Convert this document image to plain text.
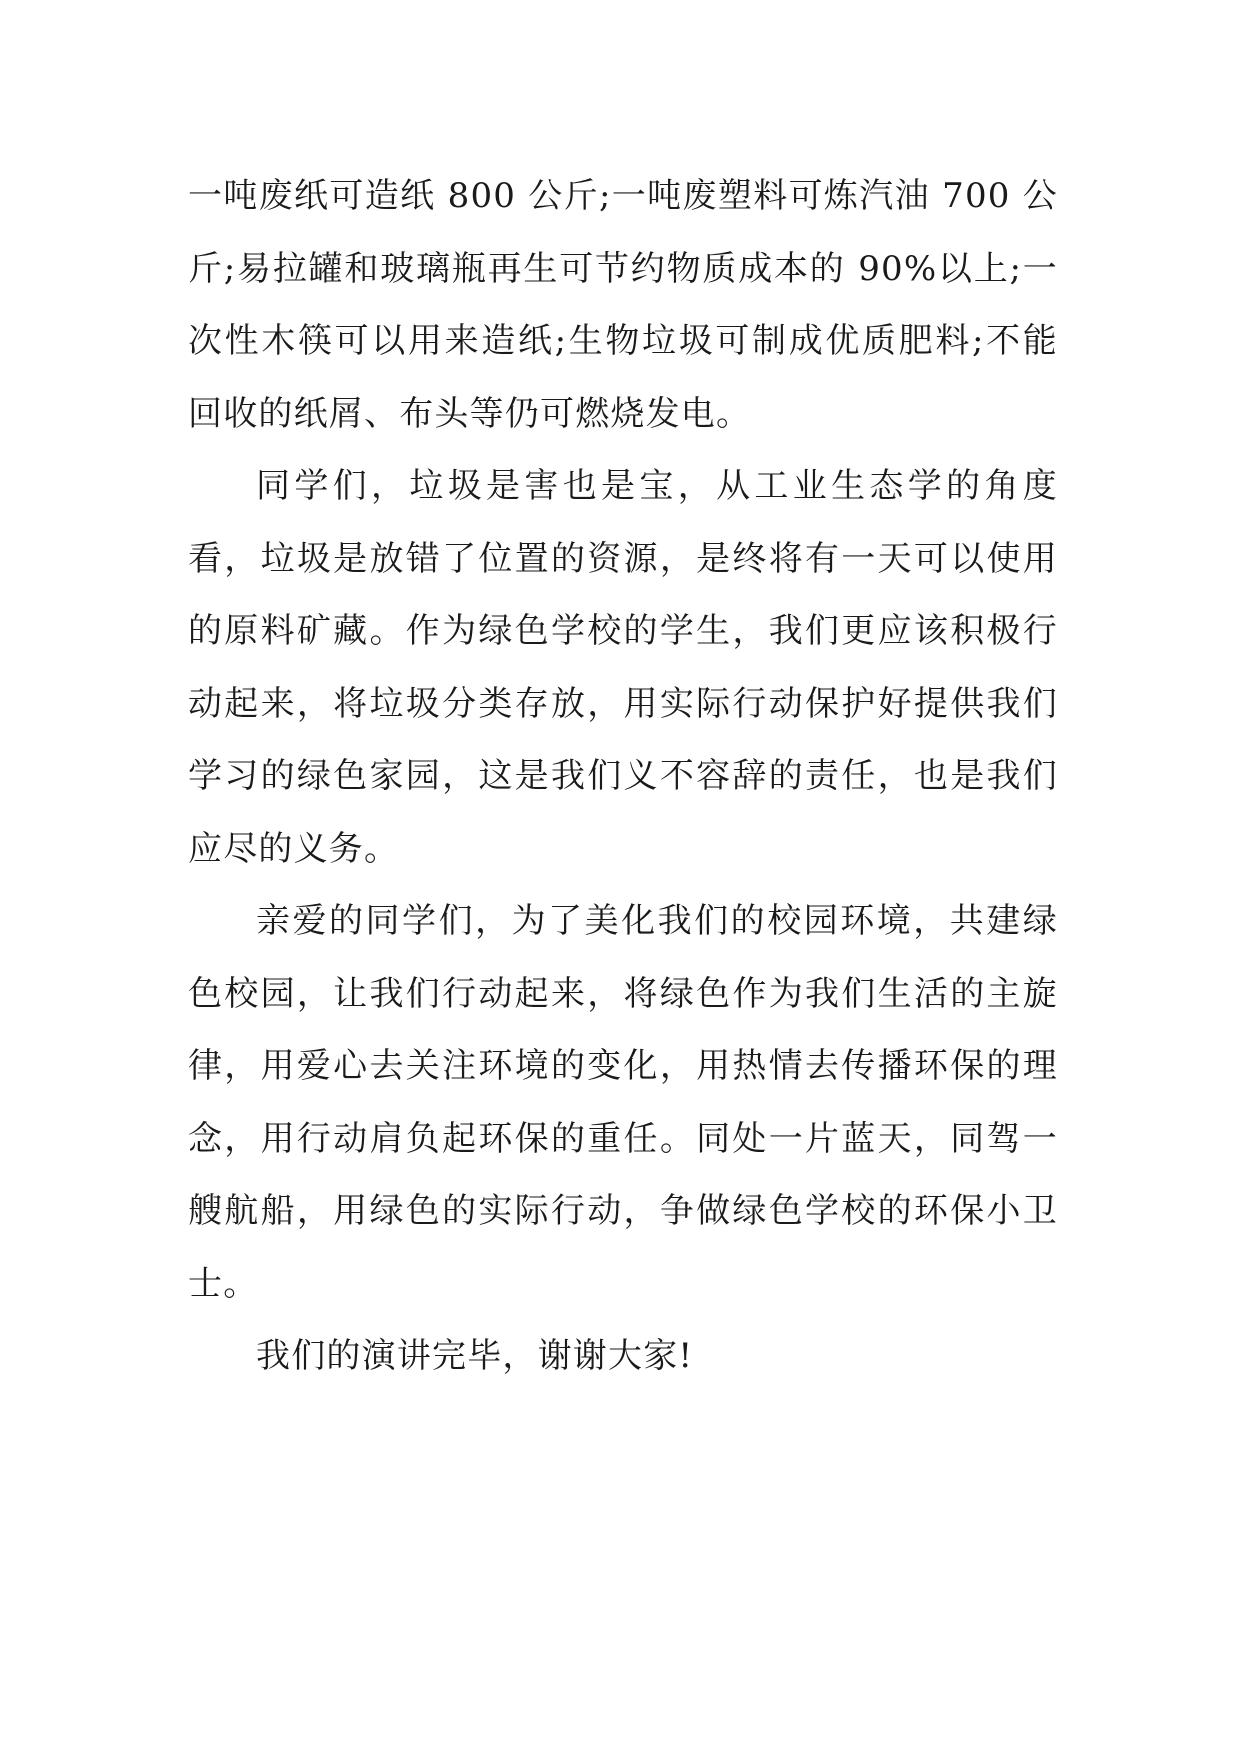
一吨废纸可造纸 800 公斤;一吨废塑料可炼汽油 700 公斤;易拉罐和玻璃瓶再生可节约物质成本的 90%以上;一次性木筷可以用来造纸;生物垃圾可制成优质肥料;不能回收的纸屑、布头等仍可燃烧发电。

同学们，垃圾是害也是宝，从工业生态学的角度看，垃圾是放错了位置的资源，是终将有一天可以使用的原料矿藏。作为绿色学校的学生，我们更应该积极行动起来，将垃圾分类存放，用实际行动保护好提供我们学习的绿色家园，这是我们义不容辞的责任，也是我们应尽的义务。

亲爱的同学们，为了美化我们的校园环境，共建绿色校园，让我们行动起来，将绿色作为我们生活的主旋律，用爱心去关注环境的变化，用热情去传播环保的理念，用行动肩负起环保的重任。同处一片蓝天，同驾一艘航船，用绿色的实际行动，争做绿色学校的环保小卫士。

我们的演讲完毕，谢谢大家!
